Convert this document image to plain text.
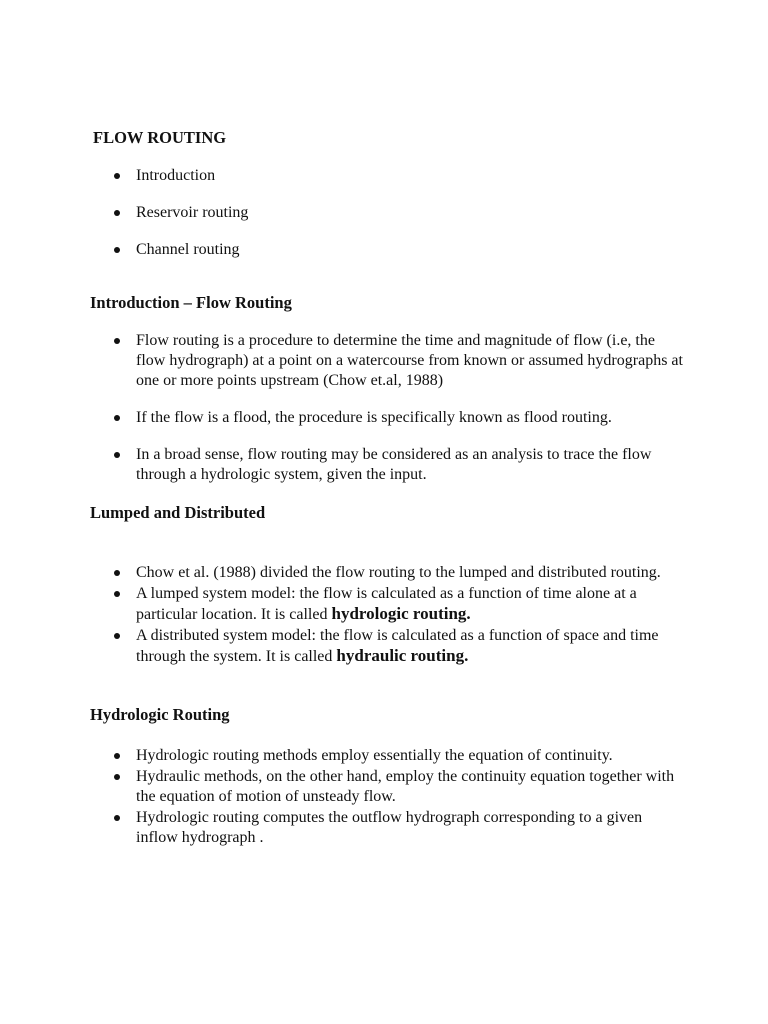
FLOW ROUTING
Introduction
Reservoir routing
Channel routing
Introduction – Flow Routing
Flow routing is a procedure to determine the time and magnitude of flow (i.e, the flow hydrograph) at a point on a watercourse from known or assumed hydrographs at one or more points upstream (Chow et.al, 1988)
If the flow is a flood, the procedure is specifically known as flood routing.
In a broad sense, flow routing may be considered as an analysis to trace the flow through a hydrologic system, given the input.
Lumped and Distributed
Chow et al. (1988) divided the flow routing to the lumped and distributed routing.
A lumped system model: the flow is calculated as a function of time alone at a particular location. It is called hydrologic routing.
A distributed system model: the flow is calculated as a function of space and time through the system. It is called hydraulic routing.
Hydrologic Routing
Hydrologic routing methods employ essentially the equation of continuity.
Hydraulic methods, on the other hand, employ the continuity equation together with the equation of motion of unsteady flow.
Hydrologic routing computes the outflow hydrograph corresponding to a given inflow hydrograph .
